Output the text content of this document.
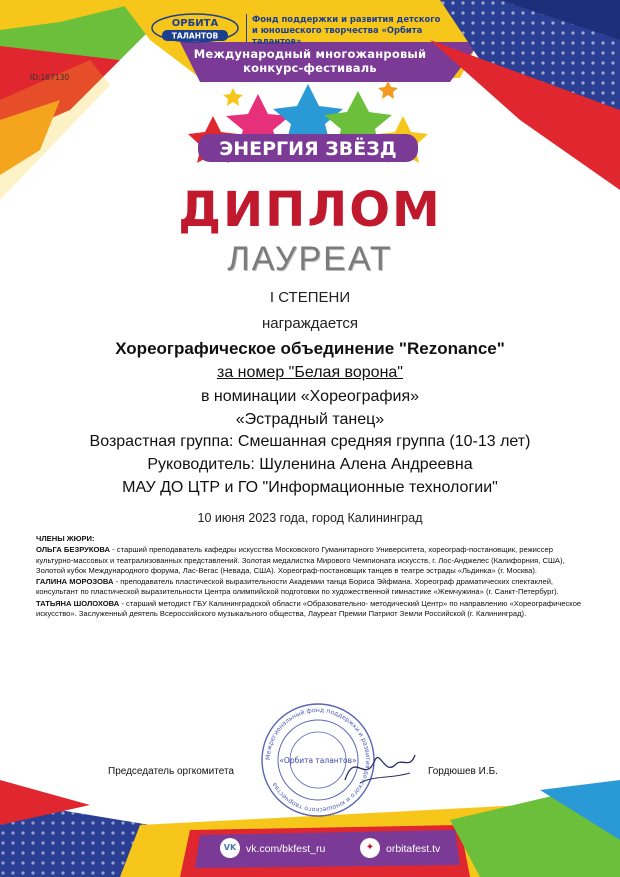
ОРБИТА
ТАЛАНТОВ
Фонд поддержки и развития детского
и юношеского творчества «Орбита талантов»
Международный многожанровый
конкурс-фестиваль
ID:167130
ЭНЕРГИЯ ЗВЁЗД
ДИПЛОМ
ЛАУРЕАТ
I СТЕПЕНИ
награждается
Хореографическое объединение "Rezonance"
за номер "Белая ворона"
в номинации «Хореография»
«Эстрадный танец»
Возрастная группа: Смешанная средняя группа (10-13 лет)
Руководитель: Шуленина Алена Андреевна
МАУ ДО ЦТР и ГО "Информационные технологии"
10 июня 2023 года, город Калининград

ЧЛЕНЫ ЖЮРИ:

ОЛЬГА БЕЗРУКОВА - старший преподаватель кафедры искусства Московского Гуманитарного Университета, хореограф-постановщик, режиссер культурно-массовых и театрализованных представлений. Золотая медалистка Мирового Чемпионата искусств, г. Лос-Анджелес (Калифорния, США), Золотой кубок Международного форума, Лас-Вегас (Невада, США). Хореограф-постановщик танцев в театре эстрады «Льдинка» (г. Москва).

ГАЛИНА МОРОЗОВА - преподаватель пластической выразительности Академии танца Бориса Эйфмана. Хореограф драматических спектаклей, консультант по пластической выразительности Центра олимпийской подготовки по художественной гимнастике «Жемчужина» (г. Санкт-Петербург).

ТАТЬЯНА ШОЛОХОВА - старший методист ГБУ Калининградской области «Образовательно- методический Центр» по направлению «Хореографическое искусство». Заслуженный деятель Всероссийского музыкального общества, Лауреат Премии Патриот Земли Российской (г. Калининград).

VK vk.com/bkfest_ru	✦	orbitafest.tv
Председатель оргкомитета	Гордюшев И.Б.
Межрегиональный фонд поддержки и развития детского и юношеского творчества
«Орбита талантов»
